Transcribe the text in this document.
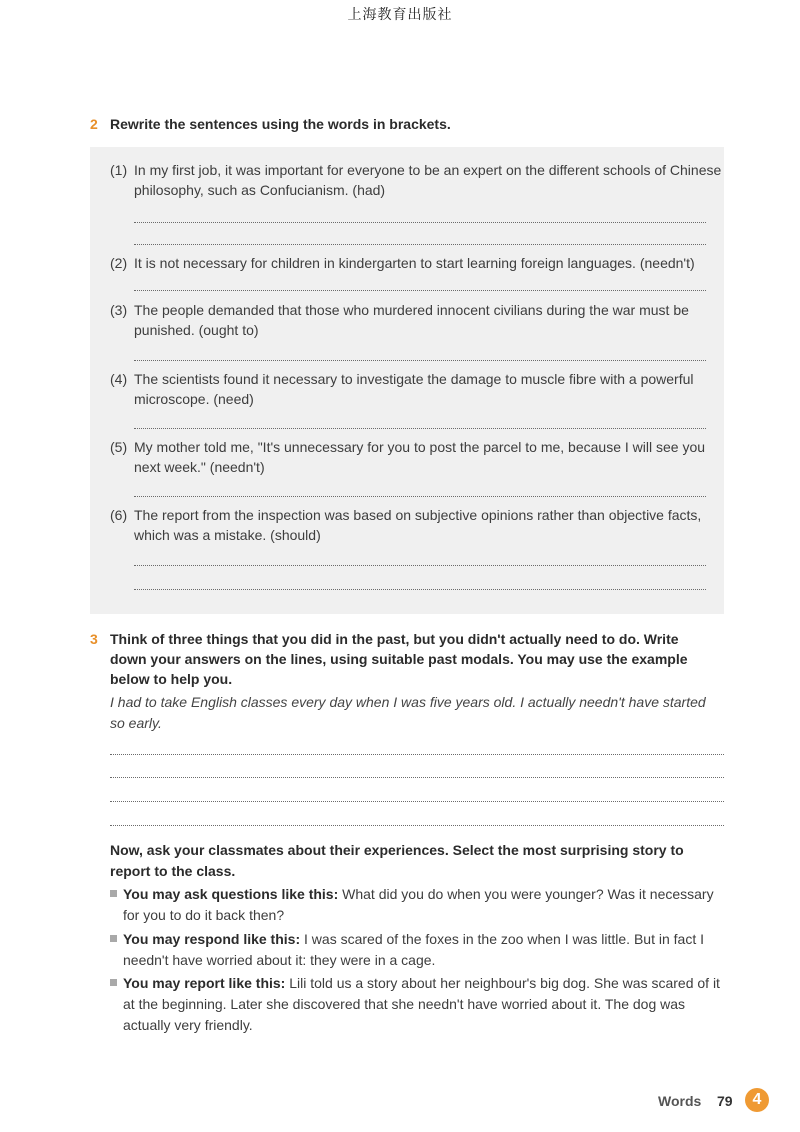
上海教育出版社
2 Rewrite the sentences using the words in brackets.
(1) In my first job, it was important for everyone to be an expert on the different schools of Chinese philosophy, such as Confucianism. (had)
(2) It is not necessary for children in kindergarten to start learning foreign languages. (needn't)
(3) The people demanded that those who murdered innocent civilians during the war must be punished. (ought to)
(4) The scientists found it necessary to investigate the damage to muscle fibre with a powerful microscope. (need)
(5) My mother told me, "It's unnecessary for you to post the parcel to me, because I will see you next week." (needn't)
(6) The report from the inspection was based on subjective opinions rather than objective facts, which was a mistake. (should)
3 Think of three things that you did in the past, but you didn't actually need to do. Write down your answers on the lines, using suitable past modals. You may use the example below to help you.
I had to take English classes every day when I was five years old. I actually needn't have started so early.
Now, ask your classmates about their experiences. Select the most surprising story to report to the class.
You may ask questions like this: What did you do when you were younger? Was it necessary for you to do it back then?
You may respond like this: I was scared of the foxes in the zoo when I was little. But in fact I needn't have worried about it: they were in a cage.
You may report like this: Lili told us a story about her neighbour's big dog. She was scared of it at the beginning. Later she discovered that she needn't have worried about it. The dog was actually very friendly.
Words 79	4
